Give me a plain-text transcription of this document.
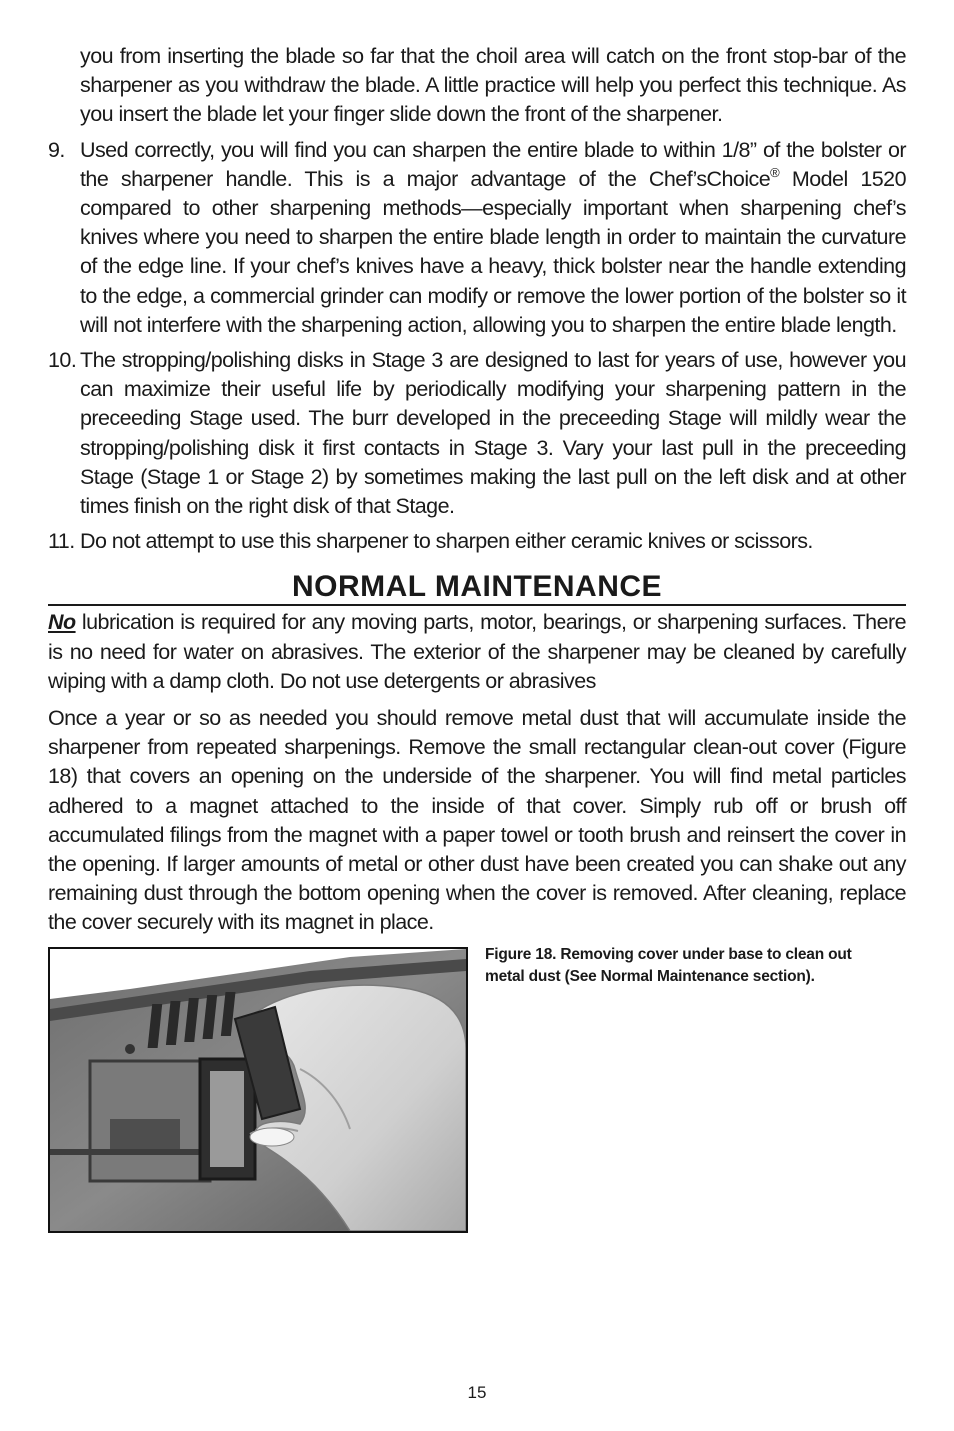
you from inserting the blade so far that the choil area will catch on the front stop-bar of the sharpener as you withdraw the blade. A little practice will help you perfect this technique. As you insert the blade let your finger slide down the front of the sharpener.

9. Used correctly, you will find you can sharpen the entire blade to within 1/8” of the bolster or the sharpener handle. This is a major advantage of the Chef’sChoice® Model 1520 compared to other sharpening methods—especially important when sharpening chef’s knives where you need to sharpen the entire blade length in order to maintain the curvature of the edge line. If your chef’s knives have a heavy, thick bolster near the handle extending to the edge, a commercial grinder can modify or remove the lower portion of the bolster so it will not interfere with the sharpening action, allowing you to sharpen the entire blade length.

10. The stropping/polishing disks in Stage 3 are designed to last for years of use, however you can maximize their useful life by periodically modifying your sharpening pattern in the preceeding Stage used. The burr developed in the preceeding Stage will mildly wear the stropping/polishing disk it first contacts in Stage 3. Vary your last pull in the preceeding Stage (Stage 1 or Stage 2) by sometimes making the last pull on the left disk and at other times finish on the right disk of that Stage.

11. Do not attempt to use this sharpener to sharpen either ceramic knives or scissors.

NORMAL MAINTENANCE

No lubrication is required for any moving parts, motor, bearings, or sharpening surfaces. There is no need for water on abrasives. The exterior of the sharpener may be cleaned by carefully wiping with a damp cloth. Do not use detergents or abrasives

Once a year or so as needed you should remove metal dust that will accumulate inside the sharpener from repeated sharpenings. Remove the small rectangular clean-out cover (Figure 18) that covers an opening on the underside of the sharpener. You will find metal particles adhered to a magnet attached to the inside of that cover. Simply rub off or brush off accumulated filings from the magnet with a paper towel or tooth brush and reinsert the cover in the opening. If larger amounts of metal or other dust have been created you can shake out any remaining dust through the bottom opening when the cover is removed. After cleaning, replace the cover securely with its magnet in place.

Figure 18. Removing cover under base to clean out metal dust (See Normal Maintenance section).
15
